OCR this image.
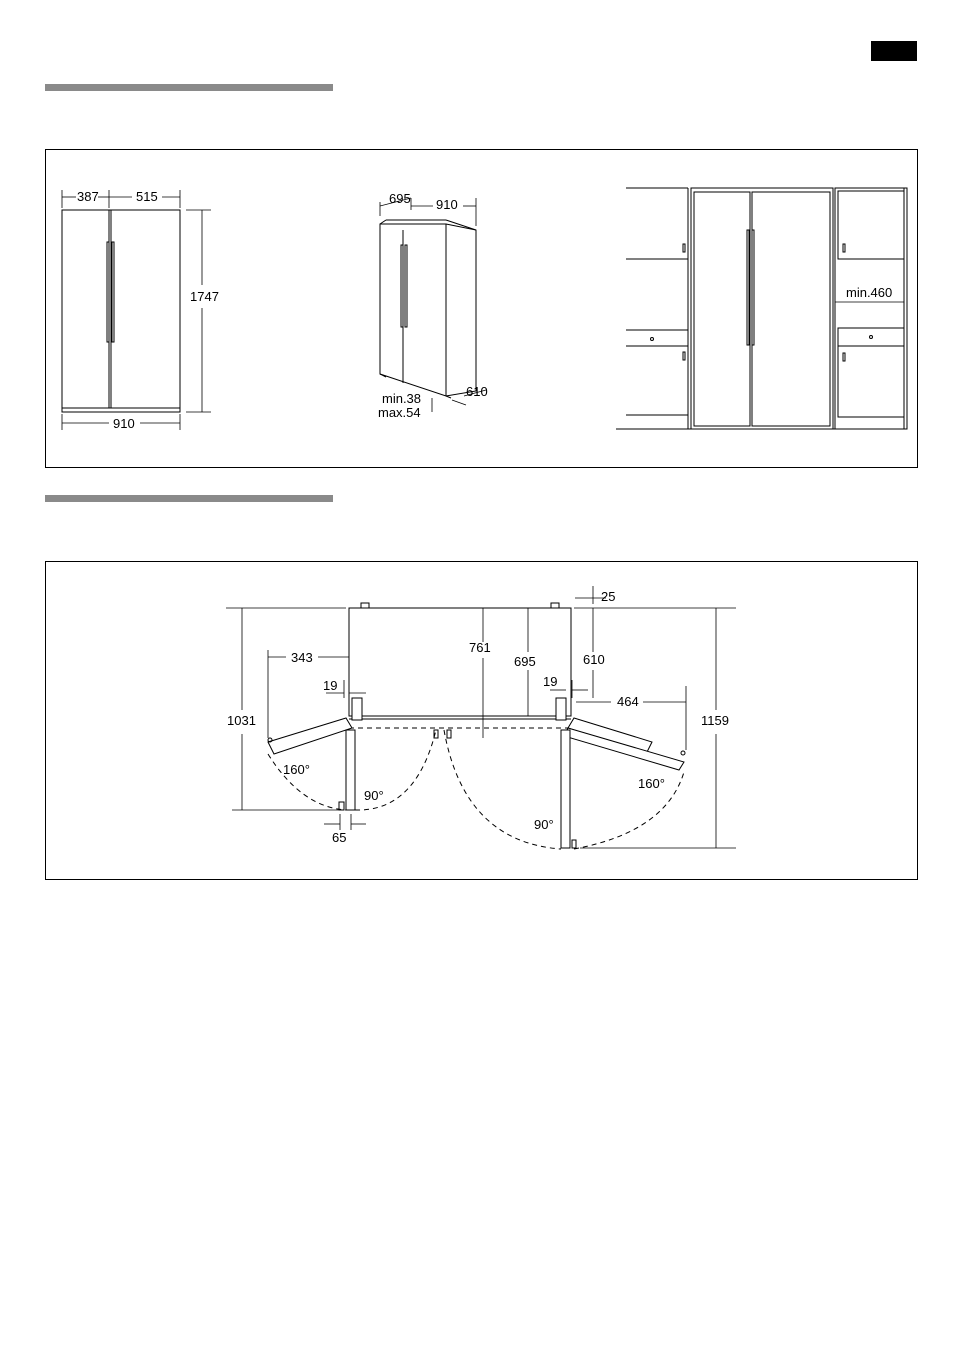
387	515
1747
910
695 910
610
min.38
max.54
min.460
1031	1159
343
464
19	19
761
695	610
25
65
160°
90°
160°
90°
